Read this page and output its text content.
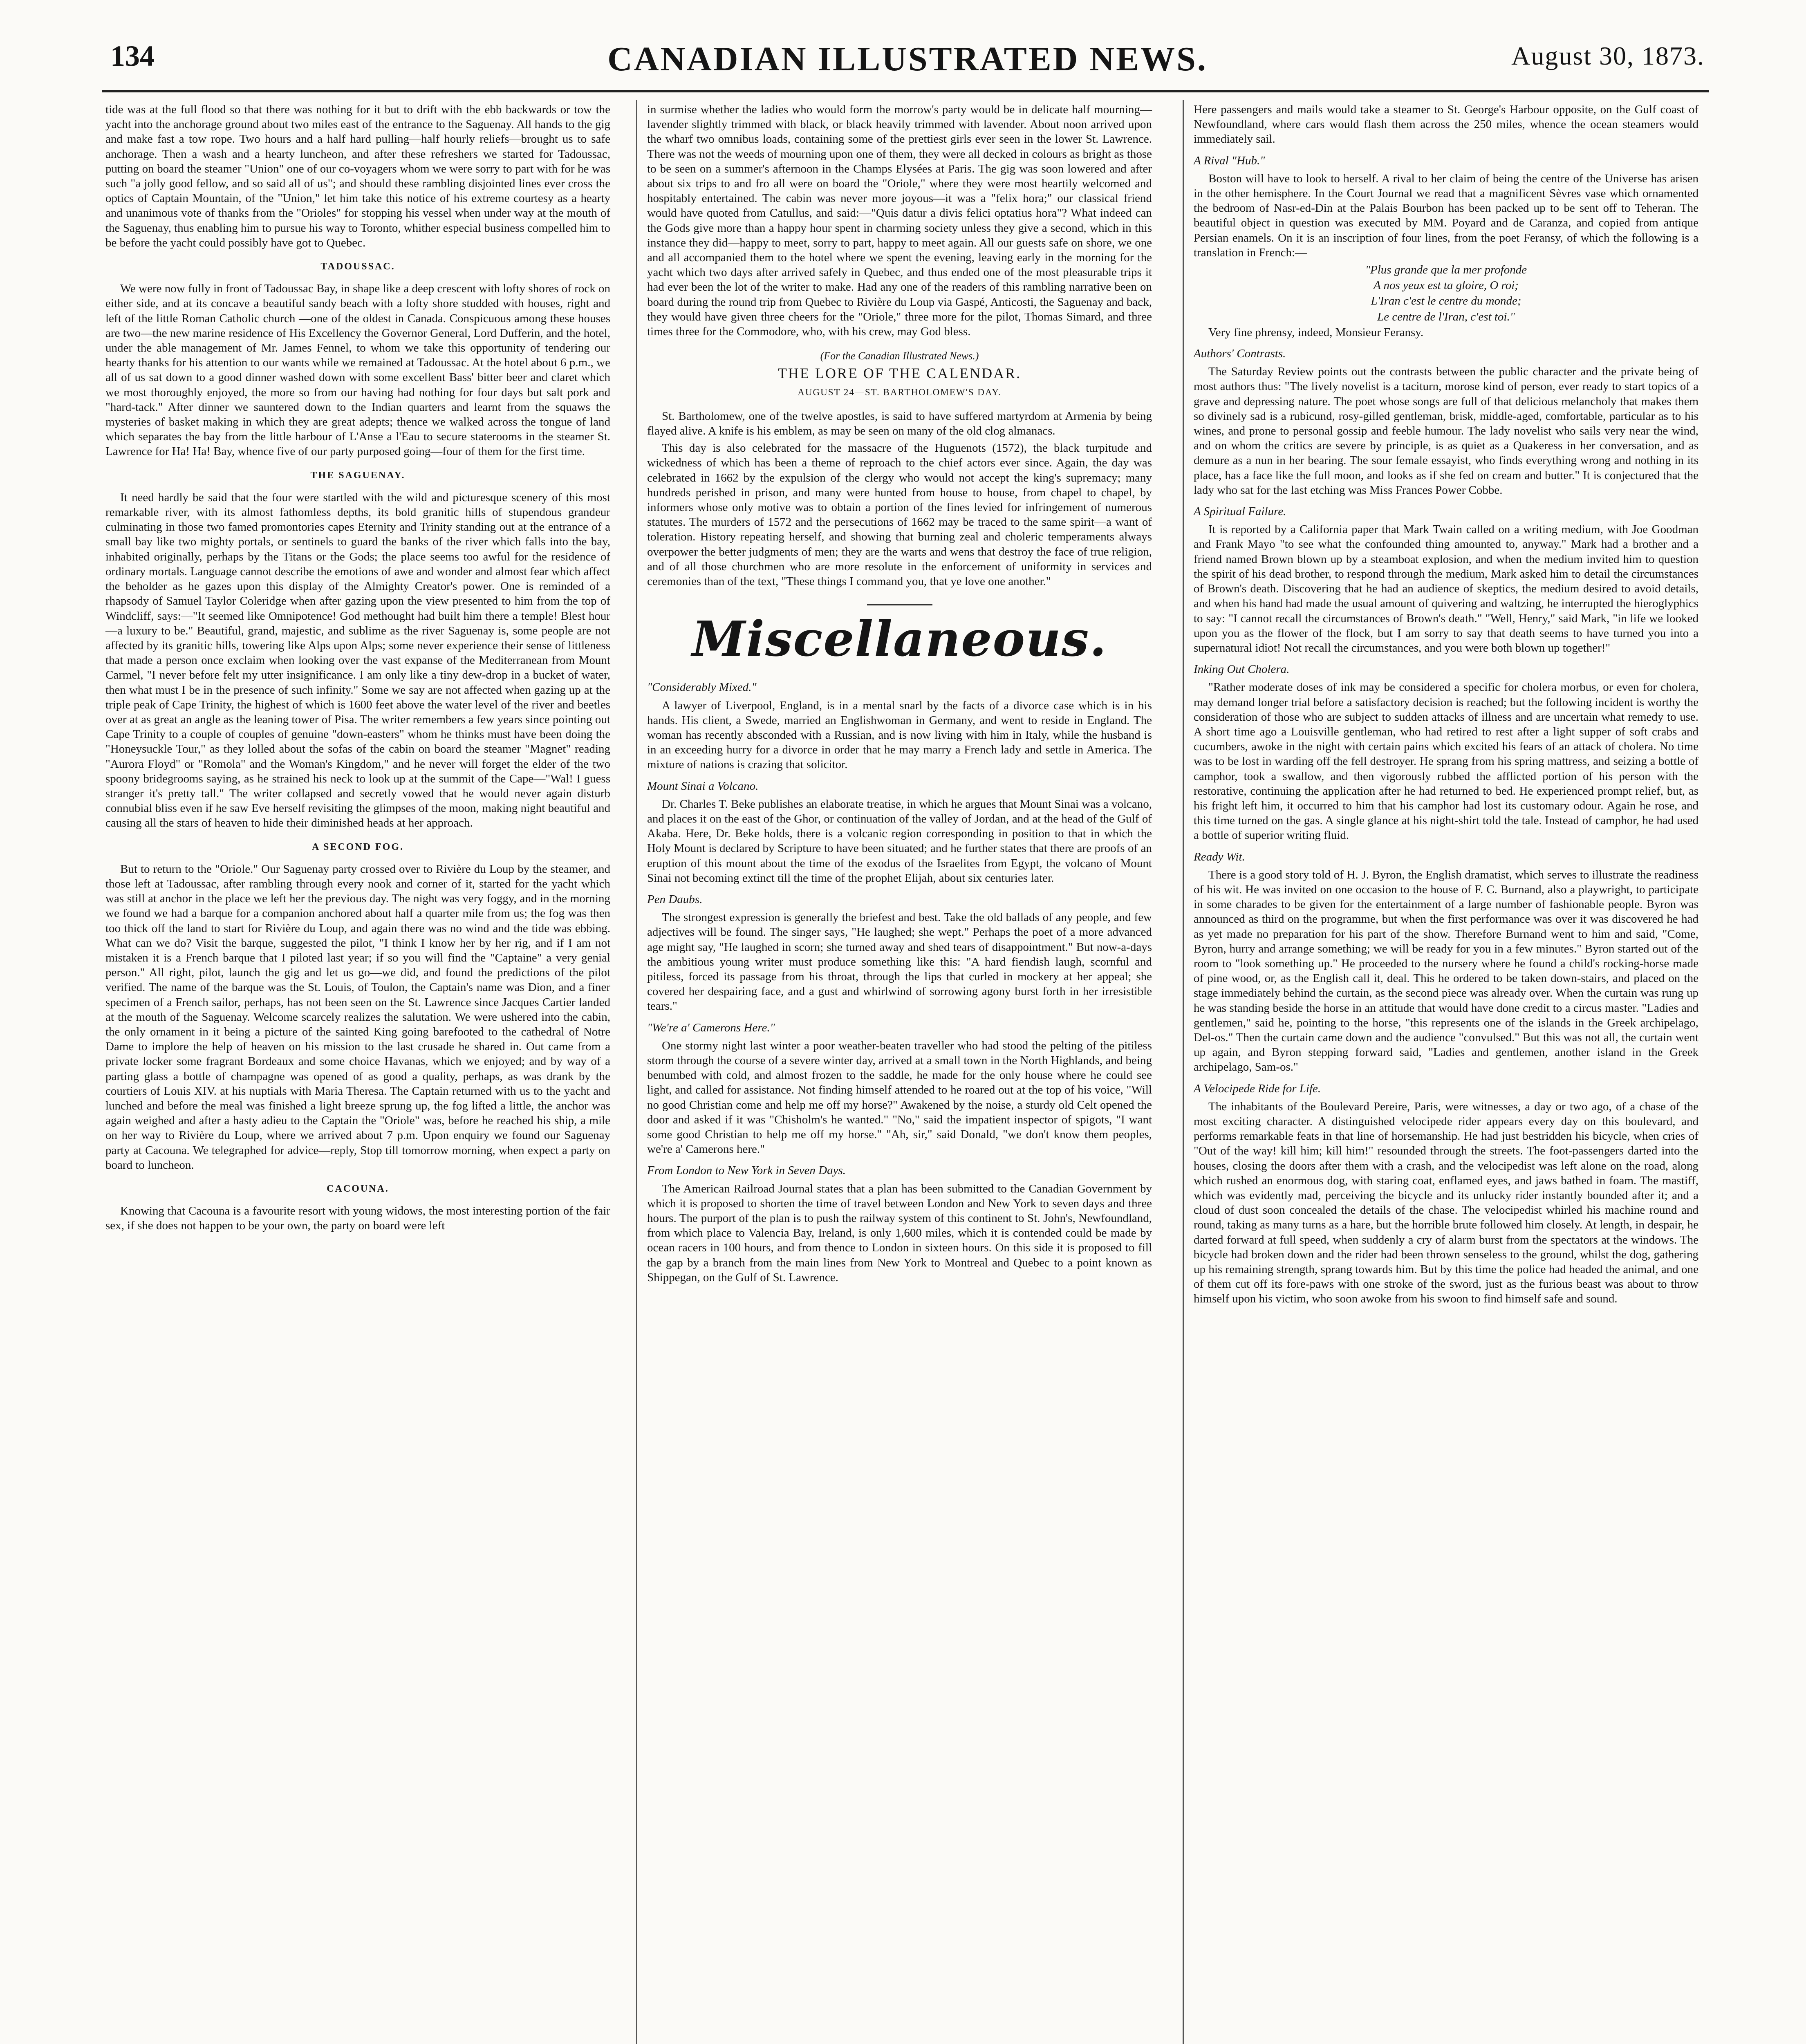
134	CANADIAN ILLUSTRATED NEWS.	August 30, 1873.

tide was at the full flood so that there was nothing for it but to drift with the ebb backwards or tow the yacht into the anchorage ground about two miles east of the entrance to the Saguenay. All hands to the gig and make fast a tow rope. Two hours and a half hard pulling—half hourly reliefs—brought us to safe anchorage. Then a wash and a hearty luncheon, and after these refreshers we started for Tadoussac, putting on board the steamer "Union" one of our co-voyagers whom we were sorry to part with for he was such "a jolly good fellow, and so said all of us"; and should these rambling disjointed lines ever cross the optics of Captain Mountain, of the "Union," let him take this notice of his extreme courtesy as a hearty and unanimous vote of thanks from the "Orioles" for stopping his vessel when under way at the mouth of the Saguenay, thus enabling him to pursue his way to Toronto, whither especial business compelled him to be before the yacht could possibly have got to Quebec.

TADOUSSAC.

We were now fully in front of Tadoussac Bay, in shape like a deep crescent with lofty shores of rock on either side, and at its concave a beautiful sandy beach with a lofty shore studded with houses, right and left of the little Roman Catholic church —one of the oldest in Canada. Conspicuous among these houses are two—the new marine residence of His Excellency the Governor General, Lord Dufferin, and the hotel, under the able management of Mr. James Fennel, to whom we take this opportunity of tendering our hearty thanks for his attention to our wants while we remained at Tadoussac. At the hotel about 6 p.m., we all of us sat down to a good dinner washed down with some excellent Bass' bitter beer and claret which we most thoroughly enjoyed, the more so from our having had nothing for four days but salt pork and "hard-tack." After dinner we sauntered down to the Indian quarters and learnt from the squaws the mysteries of basket making in which they are great adepts; thence we walked across the tongue of land which separates the bay from the little harbour of L'Anse a l'Eau to secure staterooms in the steamer St. Lawrence for Ha! Ha! Bay, whence five of our party purposed going—four of them for the first time.

THE SAGUENAY.

It need hardly be said that the four were startled with the wild and picturesque scenery of this most remarkable river, with its almost fathomless depths, its bold granitic hills of stupendous grandeur culminating in those two famed promontories capes Eternity and Trinity standing out at the entrance of a small bay like two mighty portals, or sentinels to guard the banks of the river which falls into the bay, inhabited originally, perhaps by the Titans or the Gods; the place seems too awful for the residence of ordinary mortals. Language cannot describe the emotions of awe and wonder and almost fear which affect the beholder as he gazes upon this display of the Almighty Creator's power. One is reminded of a rhapsody of Samuel Taylor Coleridge when after gazing upon the view presented to him from the top of Windcliff, says:—"It seemed like Omnipotence! God methought had built him there a temple! Blest hour—a luxury to be." Beautiful, grand, majestic, and sublime as the river Saguenay is, some people are not affected by its granitic hills, towering like Alps upon Alps; some never experience their sense of littleness that made a person once exclaim when looking over the vast expanse of the Mediterranean from Mount Carmel, "I never before felt my utter insignificance. I am only like a tiny dew-drop in a bucket of water, then what must I be in the presence of such infinity." Some we say are not affected when gazing up at the triple peak of Cape Trinity, the highest of which is 1600 feet above the water level of the river and beetles over at as great an angle as the leaning tower of Pisa. The writer remembers a few years since pointing out Cape Trinity to a couple of couples of genuine "down-easters" whom he thinks must have been doing the "Honeysuckle Tour," as they lolled about the sofas of the cabin on board the steamer "Magnet" reading "Aurora Floyd" or "Romola" and the Woman's Kingdom," and he never will forget the elder of the two spoony bridegrooms saying, as he strained his neck to look up at the summit of the Cape—"Wal! I guess stranger it's pretty tall." The writer collapsed and secretly vowed that he would never again disturb connubial bliss even if he saw Eve herself revisiting the glimpses of the moon, making night beautiful and causing all the stars of heaven to hide their diminished heads at her approach.

A SECOND FOG.

But to return to the "Oriole." Our Saguenay party crossed over to Rivière du Loup by the steamer, and those left at Tadoussac, after rambling through every nook and corner of it, started for the yacht which was still at anchor in the place we left her the previous day. The night was very foggy, and in the morning we found we had a barque for a companion anchored about half a quarter mile from us; the fog was then too thick off the land to start for Rivière du Loup, and again there was no wind and the tide was ebbing. What can we do? Visit the barque, suggested the pilot, "I think I know her by her rig, and if I am not mistaken it is a French barque that I piloted last year; if so you will find the "Captaine" a very genial person." All right, pilot, launch the gig and let us go—we did, and found the predictions of the pilot verified. The name of the barque was the St. Louis, of Toulon, the Captain's name was Dion, and a finer specimen of a French sailor, perhaps, has not been seen on the St. Lawrence since Jacques Cartier landed at the mouth of the Saguenay. Welcome scarcely realizes the salutation. We were ushered into the cabin, the only ornament in it being a picture of the sainted King going barefooted to the cathedral of Notre Dame to implore the help of heaven on his mission to the last crusade he shared in. Out came from a private locker some fragrant Bordeaux and some choice Havanas, which we enjoyed; and by way of a parting glass a bottle of champagne was opened of as good a quality, perhaps, as was drank by the courtiers of Louis XIV. at his nuptials with Maria Theresa. The Captain returned with us to the yacht and lunched and before the meal was finished a light breeze sprung up, the fog lifted a little, the anchor was again weighed and after a hasty adieu to the Captain the "Oriole" was, before he reached his ship, a mile on her way to Rivière du Loup, where we arrived about 7 p.m. Upon enquiry we found our Saguenay party at Cacouna. We telegraphed for advice—reply, Stop till tomorrow morning, when expect a party on board to luncheon.

CACOUNA.

Knowing that Cacouna is a favourite resort with young widows, the most interesting portion of the fair sex, if she does not happen to be your own, the party on board were left

in surmise whether the ladies who would form the morrow's party would be in delicate half mourning—lavender slightly trimmed with black, or black heavily trimmed with lavender. About noon arrived upon the wharf two omnibus loads, containing some of the prettiest girls ever seen in the lower St. Lawrence. There was not the weeds of mourning upon one of them, they were all decked in colours as bright as those to be seen on a summer's afternoon in the Champs Elysées at Paris. The gig was soon lowered and after about six trips to and fro all were on board the "Oriole," where they were most heartily welcomed and hospitably entertained. The cabin was never more joyous—it was a "felix hora;" our classical friend would have quoted from Catullus, and said:—"Quis datur a divis felici optatius hora"? What indeed can the Gods give more than a happy hour spent in charming society unless they give a second, which in this instance they did—happy to meet, sorry to part, happy to meet again. All our guests safe on shore, we one and all accompanied them to the hotel where we spent the evening, leaving early in the morning for the yacht which two days after arrived safely in Quebec, and thus ended one of the most pleasurable trips it had ever been the lot of the writer to make. Had any one of the readers of this rambling narrative been on board during the round trip from Quebec to Rivière du Loup via Gaspé, Anticosti, the Saguenay and back, they would have given three cheers for the "Oriole," three more for the pilot, Thomas Simard, and three times three for the Commodore, who, with his crew, may God bless.

(For the Canadian Illustrated News.)
THE LORE OF THE CALENDAR.
AUGUST 24—ST. BARTHOLOMEW'S DAY.

St. Bartholomew, one of the twelve apostles, is said to have suffered martyrdom at Armenia by being flayed alive. A knife is his emblem, as may be seen on many of the old clog almanacs.

This day is also celebrated for the massacre of the Huguenots (1572), the black turpitude and wickedness of which has been a theme of reproach to the chief actors ever since. Again, the day was celebrated in 1662 by the expulsion of the clergy who would not accept the king's supremacy; many hundreds perished in prison, and many were hunted from house to house, from chapel to chapel, by informers whose only motive was to obtain a portion of the fines levied for infringement of numerous statutes. The murders of 1572 and the persecutions of 1662 may be traced to the same spirit—a want of toleration. History repeating herself, and showing that burning zeal and choleric temperaments always overpower the better judgments of men; they are the warts and wens that destroy the face of true religion, and of all those churchmen who are more resolute in the enforcement of uniformity in services and ceremonies than of the text, "These things I command you, that ye love one another."

Miscellaneous.
"Considerably Mixed."

A lawyer of Liverpool, England, is in a mental snarl by the facts of a divorce case which is in his hands. His client, a Swede, married an Englishwoman in Germany, and went to reside in England. The woman has recently absconded with a Russian, and is now living with him in Italy, while the husband is in an exceeding hurry for a divorce in order that he may marry a French lady and settle in America. The mixture of nations is crazing that solicitor.

Mount Sinai a Volcano.

Dr. Charles T. Beke publishes an elaborate treatise, in which he argues that Mount Sinai was a volcano, and places it on the east of the Ghor, or continuation of the valley of Jordan, and at the head of the Gulf of Akaba. Here, Dr. Beke holds, there is a volcanic region corresponding in position to that in which the Holy Mount is declared by Scripture to have been situated; and he further states that there are proofs of an eruption of this mount about the time of the exodus of the Israelites from Egypt, the volcano of Mount Sinai not becoming extinct till the time of the prophet Elijah, about six centuries later.

Pen Daubs.

The strongest expression is generally the briefest and best. Take the old ballads of any people, and few adjectives will be found. The singer says, "He laughed; she wept." Perhaps the poet of a more advanced age might say, "He laughed in scorn; she turned away and shed tears of disappointment." But now-a-days the ambitious young writer must produce something like this: "A hard fiendish laugh, scornful and pitiless, forced its passage from his throat, through the lips that curled in mockery at her appeal; she covered her despairing face, and a gust and whirlwind of sorrowing agony burst forth in her irresistible tears."

"We're a' Camerons Here."

One stormy night last winter a poor weather-beaten traveller who had stood the pelting of the pitiless storm through the course of a severe winter day, arrived at a small town in the North Highlands, and being benumbed with cold, and almost frozen to the saddle, he made for the only house where he could see light, and called for assistance. Not finding himself attended to he roared out at the top of his voice, "Will no good Christian come and help me off my horse?" Awakened by the noise, a sturdy old Celt opened the door and asked if it was "Chisholm's he wanted." "No," said the impatient inspector of spigots, "I want some good Christian to help me off my horse." "Ah, sir," said Donald, "we don't know them peoples, we're a' Camerons here."

From London to New York in Seven Days.

The American Railroad Journal states that a plan has been submitted to the Canadian Government by which it is proposed to shorten the time of travel between London and New York to seven days and three hours. The purport of the plan is to push the railway system of this continent to St. John's, Newfoundland, from which place to Valencia Bay, Ireland, is only 1,600 miles, which it is contended could be made by ocean racers in 100 hours, and from thence to London in sixteen hours. On this side it is proposed to fill the gap by a branch from the main lines from New York to Montreal and Quebec to a point known as Shippegan, on the Gulf of St. Lawrence.

Here passengers and mails would take a steamer to St. George's Harbour opposite, on the Gulf coast of Newfoundland, where cars would flash them across the 250 miles, whence the ocean steamers would immediately sail.

A Rival "Hub."

Boston will have to look to herself. A rival to her claim of being the centre of the Universe has arisen in the other hemisphere. In the Court Journal we read that a magnificent Sèvres vase which ornamented the bedroom of Nasr-ed-Din at the Palais Bourbon has been packed up to be sent off to Teheran. The beautiful object in question was executed by MM. Poyard and de Caranza, and copied from antique Persian enamels. On it is an inscription of four lines, from the poet Feransy, of which the following is a translation in French:—

"Plus grande que la mer profonde
A nos yeux est ta gloire, O roi;
L'Iran c'est le centre du monde;
Le centre de l'Iran, c'est toi."

Very fine phrensy, indeed, Monsieur Feransy.

Authors' Contrasts.

The Saturday Review points out the contrasts between the public character and the private being of most authors thus: "The lively novelist is a taciturn, morose kind of person, ever ready to start topics of a grave and depressing nature. The poet whose songs are full of that delicious melancholy that makes them so divinely sad is a rubicund, rosy-gilled gentleman, brisk, middle-aged, comfortable, particular as to his wines, and prone to personal gossip and feeble humour. The lady novelist who sails very near the wind, and on whom the critics are severe by principle, is as quiet as a Quakeress in her conversation, and as demure as a nun in her bearing. The sour female essayist, who finds everything wrong and nothing in its place, has a face like the full moon, and looks as if she fed on cream and butter." It is conjectured that the lady who sat for the last etching was Miss Frances Power Cobbe.

A Spiritual Failure.

It is reported by a California paper that Mark Twain called on a writing medium, with Joe Goodman and Frank Mayo "to see what the confounded thing amounted to, anyway." Mark had a brother and a friend named Brown blown up by a steamboat explosion, and when the medium invited him to question the spirit of his dead brother, to respond through the medium, Mark asked him to detail the circumstances of Brown's death. Discovering that he had an audience of skeptics, the medium desired to avoid details, and when his hand had made the usual amount of quivering and waltzing, he interrupted the hieroglyphics to say: "I cannot recall the circumstances of Brown's death." "Well, Henry," said Mark, "in life we looked upon you as the flower of the flock, but I am sorry to say that death seems to have turned you into a supernatural idiot! Not recall the circumstances, and you were both blown up together!"

Inking Out Cholera.

"Rather moderate doses of ink may be considered a specific for cholera morbus, or even for cholera, may demand longer trial before a satisfactory decision is reached; but the following incident is worthy the consideration of those who are subject to sudden attacks of illness and are uncertain what remedy to use. A short time ago a Louisville gentleman, who had retired to rest after a light supper of soft crabs and cucumbers, awoke in the night with certain pains which excited his fears of an attack of cholera. No time was to be lost in warding off the fell destroyer. He sprang from his spring mattress, and seizing a bottle of camphor, took a swallow, and then vigorously rubbed the afflicted portion of his person with the restorative, continuing the application after he had returned to bed. He experienced prompt relief, but, as his fright left him, it occurred to him that his camphor had lost its customary odour. Again he rose, and this time turned on the gas. A single glance at his night-shirt told the tale. Instead of camphor, he had used a bottle of superior writing fluid.

Ready Wit.

There is a good story told of H. J. Byron, the English dramatist, which serves to illustrate the readiness of his wit. He was invited on one occasion to the house of F. C. Burnand, also a playwright, to participate in some charades to be given for the entertainment of a large number of fashionable people. Byron was announced as third on the programme, but when the first performance was over it was discovered he had as yet made no preparation for his part of the show. Therefore Burnand went to him and said, "Come, Byron, hurry and arrange something; we will be ready for you in a few minutes." Byron started out of the room to "look something up." He proceeded to the nursery where he found a child's rocking-horse made of pine wood, or, as the English call it, deal. This he ordered to be taken down-stairs, and placed on the stage immediately behind the curtain, as the second piece was already over. When the curtain was rung up he was standing beside the horse in an attitude that would have done credit to a circus master. "Ladies and gentlemen," said he, pointing to the horse, "this represents one of the islands in the Greek archipelago, Del-os." Then the curtain came down and the audience "convulsed." But this was not all, the curtain went up again, and Byron stepping forward said, "Ladies and gentlemen, another island in the Greek archipelago, Sam-os."

A Velocipede Ride for Life.

The inhabitants of the Boulevard Pereire, Paris, were witnesses, a day or two ago, of a chase of the most exciting character. A distinguished velocipede rider appears every day on this boulevard, and performs remarkable feats in that line of horsemanship. He had just bestridden his bicycle, when cries of "Out of the way! kill him; kill him!" resounded through the streets. The foot-passengers darted into the houses, closing the doors after them with a crash, and the velocipedist was left alone on the road, along which rushed an enormous dog, with staring coat, enflamed eyes, and jaws bathed in foam. The mastiff, which was evidently mad, perceiving the bicycle and its unlucky rider instantly bounded after it; and a cloud of dust soon concealed the details of the chase. The velocipedist whirled his machine round and round, taking as many turns as a hare, but the horrible brute followed him closely. At length, in despair, he darted forward at full speed, when suddenly a cry of alarm burst from the spectators at the windows. The bicycle had broken down and the rider had been thrown senseless to the ground, whilst the dog, gathering up his remaining strength, sprang towards him. But by this time the police had headed the animal, and one of them cut off its fore-paws with one stroke of the sword, just as the furious beast was about to throw himself upon his victim, who soon awoke from his swoon to find himself safe and sound.
